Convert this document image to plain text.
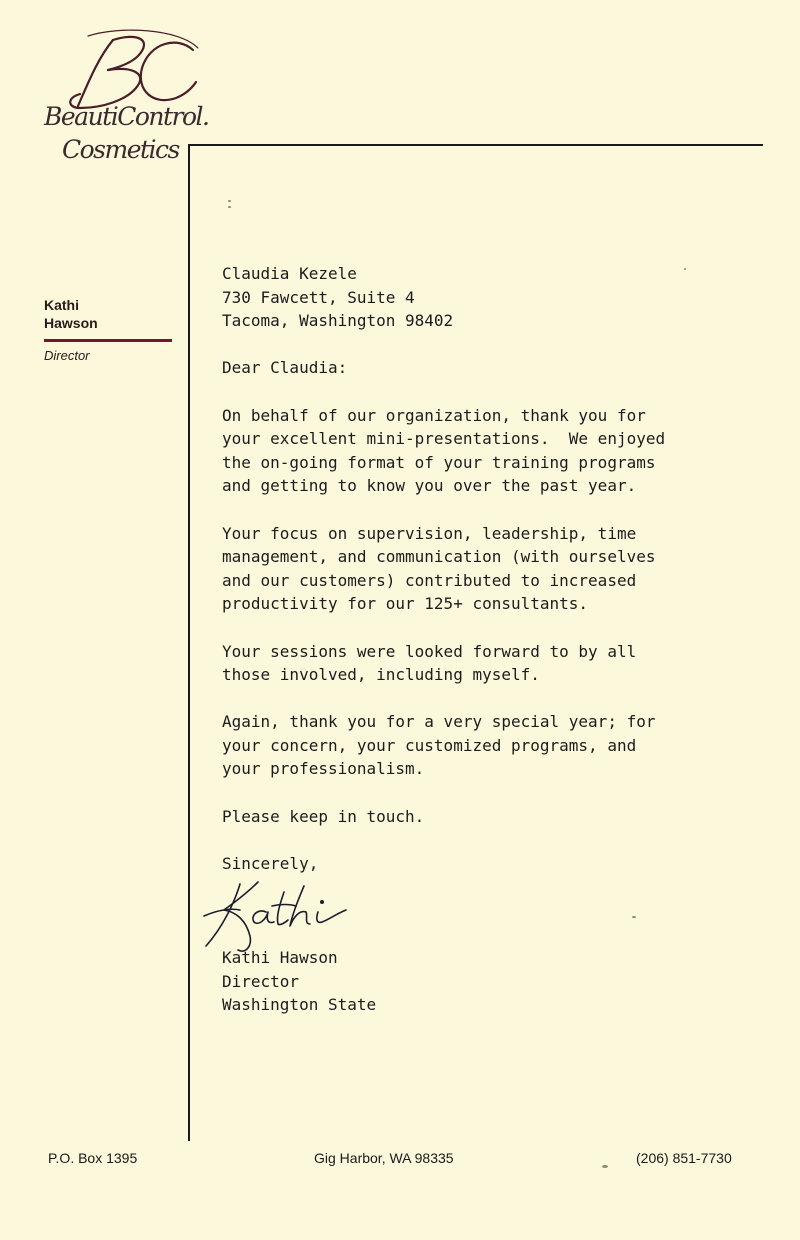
BeautiControl.
Cosmetics
Kathi
Hawson
Director

Claudia Kezele

730 Fawcett, Suite 4

Tacoma, Washington 98402

Dear Claudia:

On behalf of our organization, thank you for

your excellent mini-presentations.  We enjoyed

the on-going format of your training programs

and getting to know you over the past year.

Your focus on supervision, leadership, time

management, and communication (with ourselves

and our customers) contributed to increased

productivity for our 125+ consultants.

Your sessions were looked forward to by all

those involved, including myself.

Again, thank you for a very special year; for

your concern, your customized programs, and

your professionalism.

Please keep in touch.

Sincerely,

Kathi Hawson

Director

Washington State

P.O. Box 1395	Gig Harbor, WA 98335	(206) 851-7730
